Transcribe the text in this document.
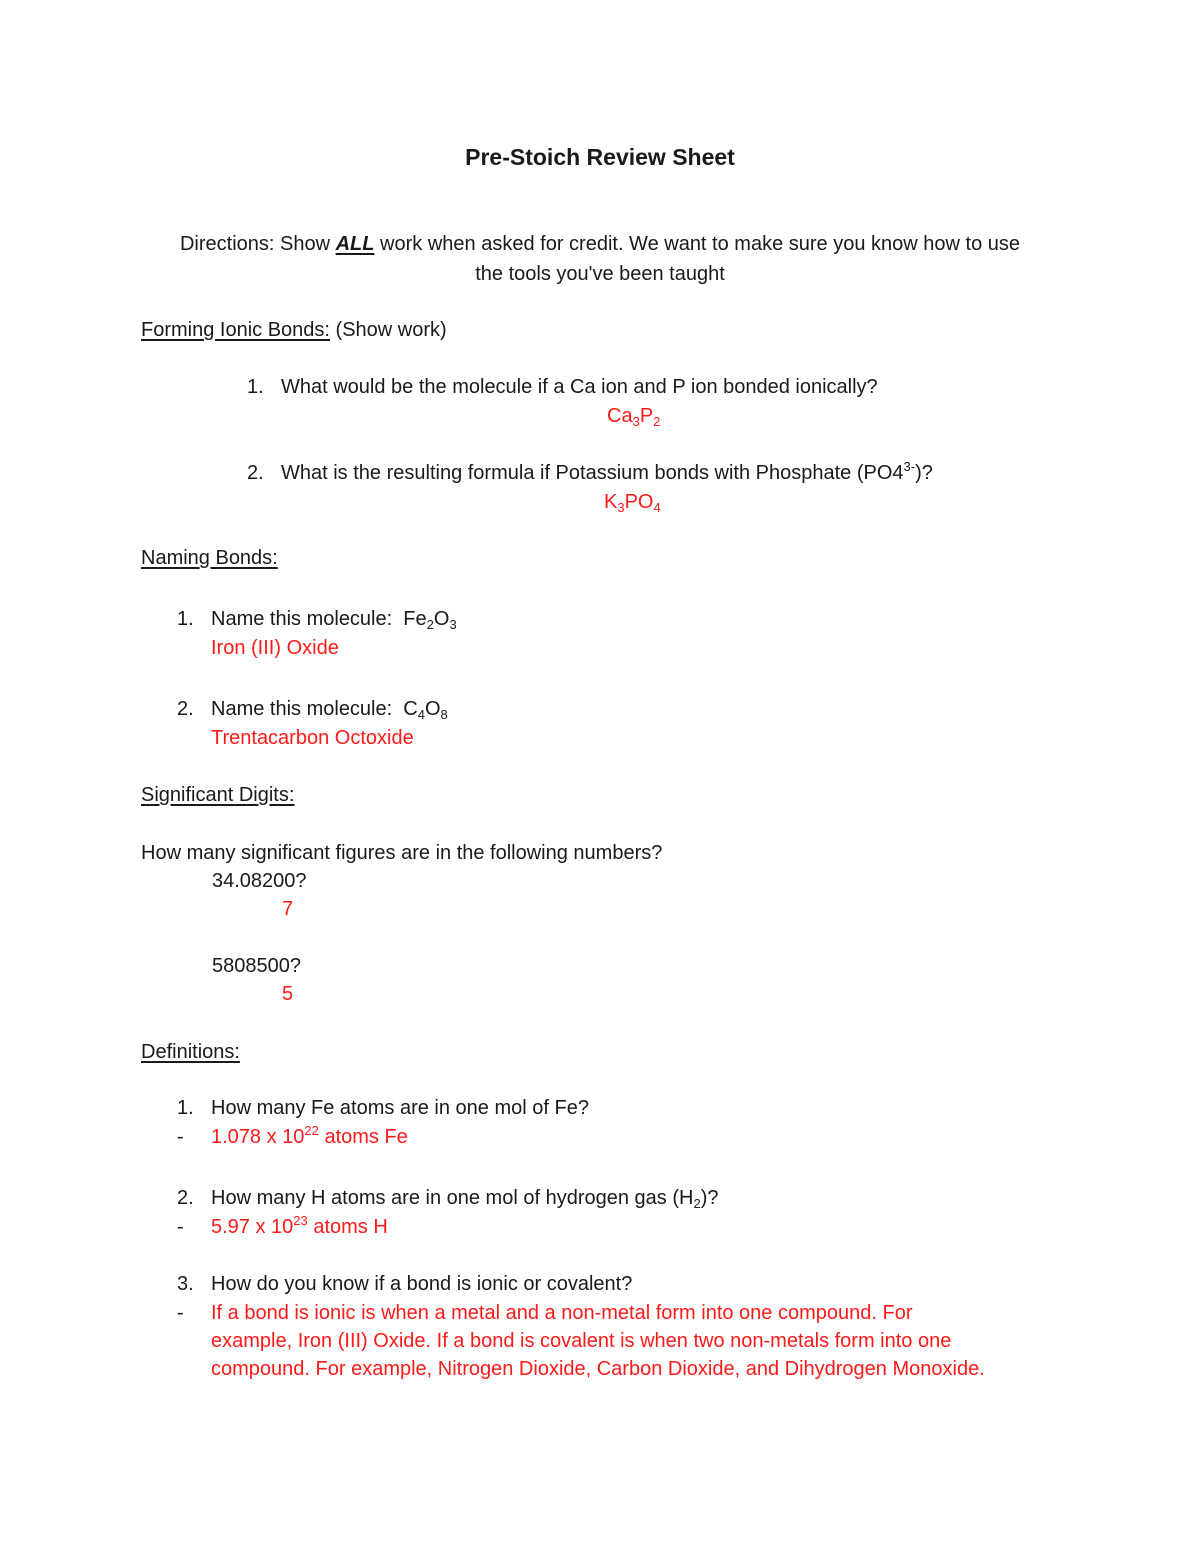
Pre-Stoich Review Sheet
Directions: Show ALL work when asked for credit. We want to make sure you know how to use
the tools you've been taught
Forming Ionic Bonds: (Show work)
1. What would be the molecule if a Ca ion and P ion bonded ionically?
$Ca_3P_2$
2. What is the resulting formula if Potassium bonds with Phosphate $(PO4^{3-})$?
$K_3PO_4$
Naming Bonds:
1. Name this molecule:  $Fe_2O_3$
Iron (III) Oxide
2. Name this molecule:  $C_4O_8$
Trentacarbon Octoxide
Significant Digits:
How many significant figures are in the following numbers?
34.08200?
7
5808500?
5
Definitions:
1. How many Fe atoms are in one mol of Fe?
- 1.078 x $10^{22}$ atoms Fe
2. How many H atoms are in one mol of hydrogen gas $(H_2)$?
- 5.97 x $10^{23}$ atoms H
3. How do you know if a bond is ionic or covalent?
- If a bond is ionic is when a metal and a non-metal form into one compound. For
example, Iron (III) Oxide. If a bond is covalent is when two non-metals form into one
compound. For example, Nitrogen Dioxide, Carbon Dioxide, and Dihydrogen Monoxide.
